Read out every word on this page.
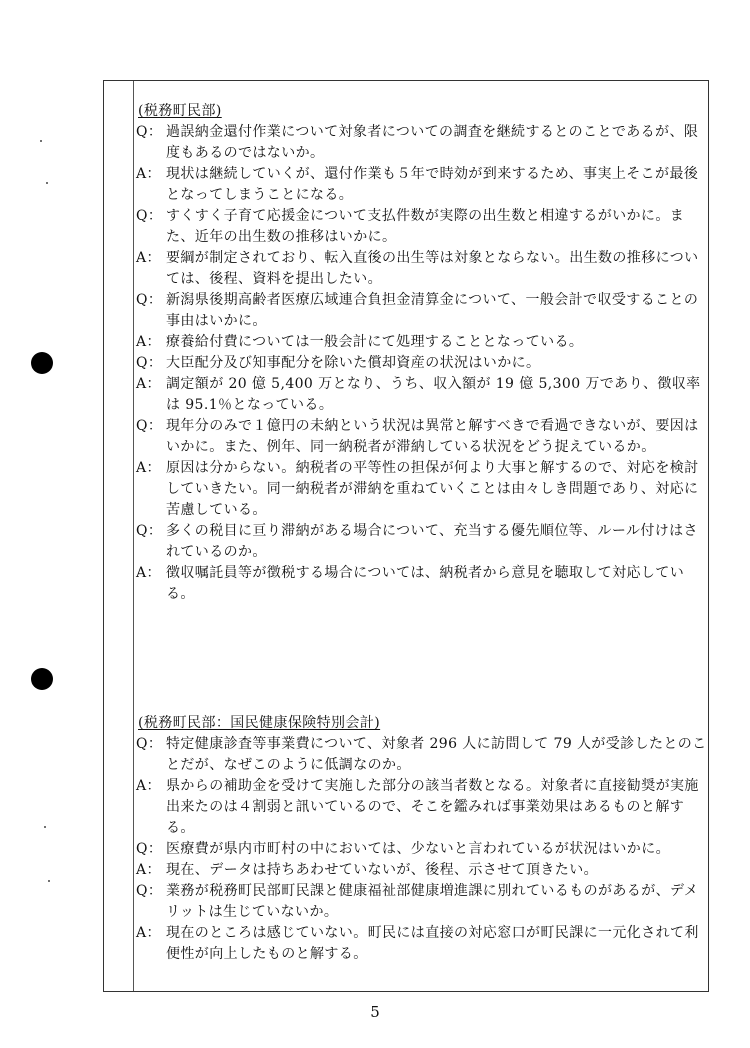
(税務町民部)
Q： 過誤納金還付作業について対象者についての調査を継続するとのことであるが、限度もあるのではないか。
A： 現状は継続していくが、還付作業も５年で時効が到来するため、事実上そこが最後となってしまうことになる。
Q： すくすく子育て応援金について支払件数が実際の出生数と相違するがいかに。また、近年の出生数の推移はいかに。
A： 要綱が制定されており、転入直後の出生等は対象とならない。出生数の推移については、後程、資料を提出したい。
Q： 新潟県後期高齢者医療広域連合負担金清算金について、一般会計で収受することの事由はいかに。
A： 療養給付費については一般会計にて処理することとなっている。
Q： 大臣配分及び知事配分を除いた償却資産の状況はいかに。
A： 調定額が 20 億 5,400 万となり、うち、収入額が 19 億 5,300 万であり、徴収率は 95.1％となっている。
Q： 現年分のみで１億円の未納という状況は異常と解すべきで看過できないが、要因はいかに。また、例年、同一納税者が滞納している状況をどう捉えているか。
A： 原因は分からない。納税者の平等性の担保が何より大事と解するので、対応を検討していきたい。同一納税者が滞納を重ねていくことは由々しき問題であり、対応に苦慮している。
Q： 多くの税目に亘り滞納がある場合について、充当する優先順位等、ルール付けはされているのか。
A： 徴収嘱託員等が徴税する場合については、納税者から意見を聴取して対応している。
(税務町民部：国民健康保険特別会計)
Q： 特定健康診査等事業費について、対象者 296 人に訪問して 79 人が受診したとのことだが、なぜこのように低調なのか。
A： 県からの補助金を受けて実施した部分の該当者数となる。対象者に直接勧奨が実施出来たのは４割弱と訊いているので、そこを鑑みれば事業効果はあるものと解する。
Q： 医療費が県内市町村の中においては、少ないと言われているが状況はいかに。
A： 現在、データは持ちあわせていないが、後程、示させて頂きたい。
Q： 業務が税務町民部町民課と健康福祉部健康増進課に別れているものがあるが、デメリットは生じていないか。
A： 現在のところは感じていない。町民には直接の対応窓口が町民課に一元化されて利便性が向上したものと解する。
5
